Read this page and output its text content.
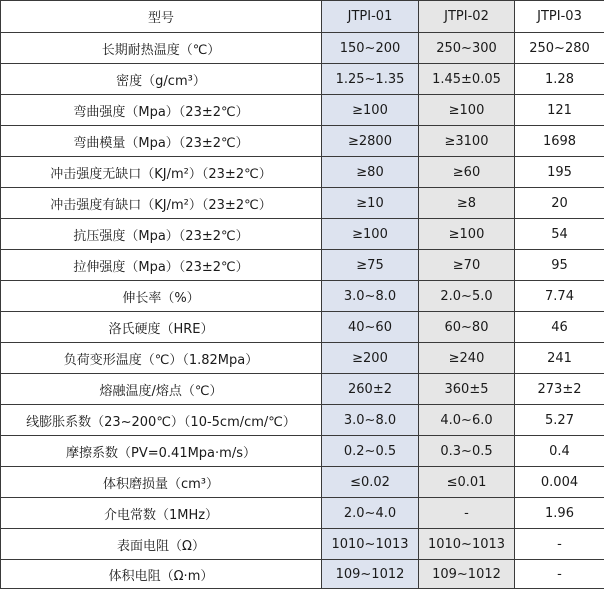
型号	JTPI-01	JTPI-02	JTPI-03
长期耐热温度（℃）	150~200	250~300	250~280
密度（g/cm³）	1.25~1.35	1.45±0.05	1.28
弯曲强度（Mpa）（23±2℃）	≥100	≥100	121
弯曲模量（Mpa）（23±2℃）	≥2800	≥3100	1698
冲击强度无缺口（KJ/m²）（23±2℃）	≥80	≥60	195
冲击强度有缺口（KJ/m²）（23±2℃）	≥10	≥8	20
抗压强度（Mpa）（23±2℃）	≥100	≥100	54
拉伸强度（Mpa）（23±2℃）	≥75	≥70	95
伸长率（%）	3.0~8.0	2.0~5.0	7.74
洛氏硬度（HRE）	40~60	60~80	46
负荷变形温度（℃）（1.82Mpa）	≥200	≥240	241
熔融温度/熔点（℃）	260±2	360±5	273±2
线膨胀系数（23~200℃）（10-5cm/cm/℃）	3.0~8.0	4.0~6.0	5.27
摩擦系数（PV=0.41Mpa·m/s）	0.2~0.5	0.3~0.5	0.4
体积磨损量（cm³）	≤0.02	≤0.01	0.004
介电常数（1MHz）	2.0~4.0	-	1.96
表面电阻（Ω）	1010~1013	1010~1013	-
体积电阻（Ω·m）	109~1012	109~1012	-
